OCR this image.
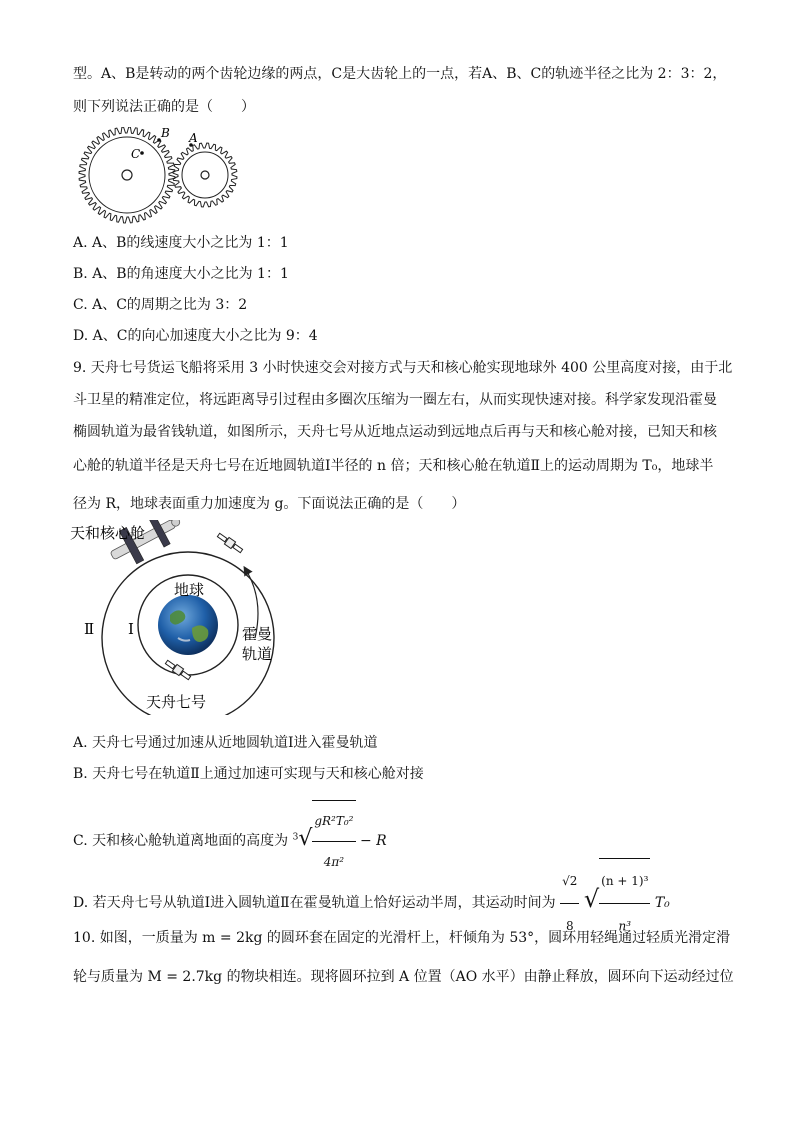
型。A、B是转动的两个齿轮边缘的两点，C是大齿轮上的一点，若A、B、C的轨迹半径之比为 2：3：2，
则下列说法正确的是（　　）
C
B A
A. A、B的线速度大小之比为 1：1
B. A、B的角速度大小之比为 1：1
C. A、C的周期之比为 3：2
D. A、C的向心加速度大小之比为 9：4
9. 天舟七号货运飞船将采用 3 小时快速交会对接方式与天和核心舱实现地球外 400 公里高度对接，由于北
斗卫星的精准定位，将远距离导引过程由多圈次压缩为一圈左右，从而实现快速对接。科学家发现沿霍曼
椭圆轨道为最省钱轨道，如图所示，天舟七号从近地点运动到远地点后再与天和核心舱对接，已知天和核
心舱的轨道半径是天舟七号在近地圆轨道Ⅰ半径的 n 倍；天和核心舱在轨道Ⅱ上的运动周期为 T₀，地球半
径为 R，地球表面重力加速度为 g。下面说法正确的是（　　）
天和核心舱
地球
Ⅱ Ⅰ	霍曼
轨道
天舟七号
A. 天舟七号通过加速从近地圆轨道Ⅰ进入霍曼轨道
B. 天舟七号在轨道Ⅱ上通过加速可实现与天和核心舱对接
C. 天和核心舱轨道离地面的高度为 $^3√ \frac{\text{gR²T₀²}}{\text{4π²}} - R$
D. 若天舟七号从轨道Ⅰ进入圆轨道Ⅱ在霍曼轨道上恰好运动半周，其运动时间为 $\frac{√2}{8}$ √ $\frac{\text{(n + 1)³}}{\text{n³}} T_0$
10. 如图，一质量为 m = 2kg 的圆环套在固定的光滑杆上，杆倾角为 53°，圆环用轻绳通过轻质光滑定滑
轮与质量为 M = 2.7kg 的物块相连。现将圆环拉到 A 位置（AO 水平）由静止释放，圆环向下运动经过位
